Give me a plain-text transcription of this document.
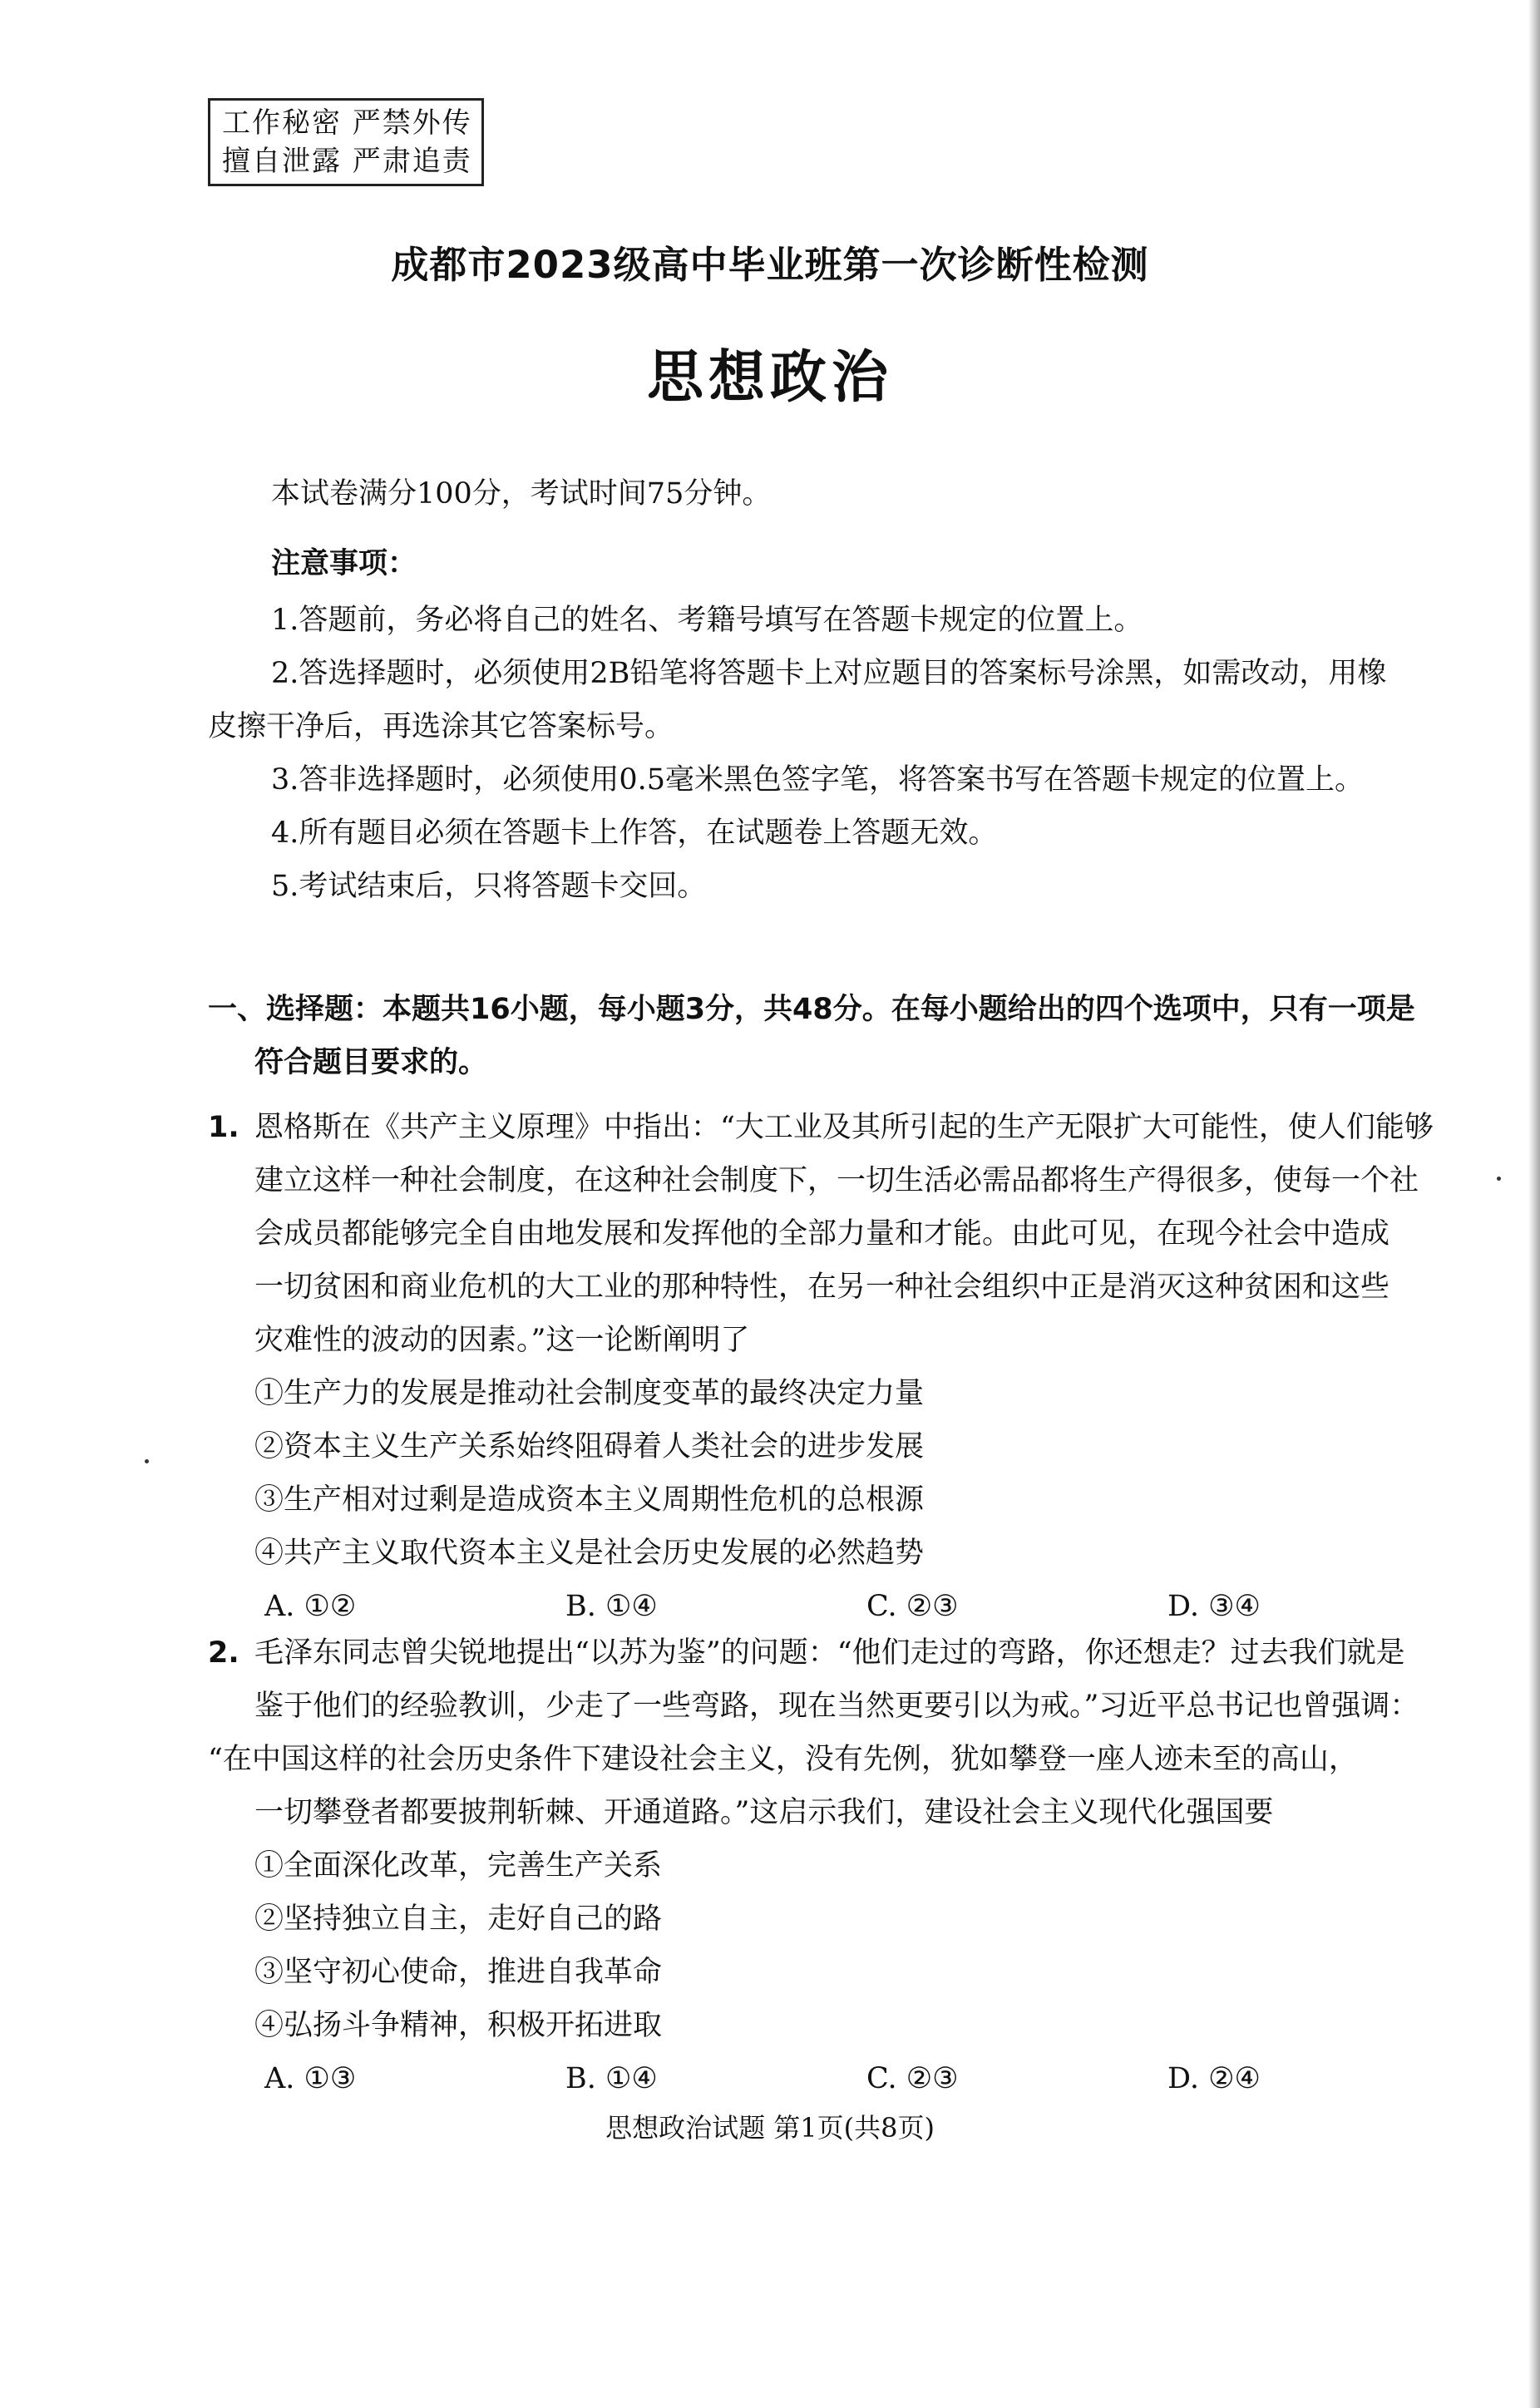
工作秘密 严禁外传
擅自泄露 严肃追责
成都市2023级高中毕业班第一次诊断性检测
思想政治
本试卷满分100分，考试时间75分钟。
注意事项：
1.答题前，务必将自己的姓名、考籍号填写在答题卡规定的位置上。
2.答选择题时，必须使用2B铅笔将答题卡上对应题目的答案标号涂黑，如需改动，用橡
皮擦干净后，再选涂其它答案标号。
3.答非选择题时，必须使用0.5毫米黑色签字笔，将答案书写在答题卡规定的位置上。
4.所有题目必须在答题卡上作答，在试题卷上答题无效。
5.考试结束后，只将答题卡交回。
一、选择题：本题共16小题，每小题3分，共48分。在每小题给出的四个选项中，只有一项是
符合题目要求的。
1. 恩格斯在《共产主义原理》中指出：“大工业及其所引起的生产无限扩大可能性，使人们能够
建立这样一种社会制度，在这种社会制度下，一切生活必需品都将生产得很多，使每一个社
会成员都能够完全自由地发展和发挥他的全部力量和才能。由此可见，在现今社会中造成
一切贫困和商业危机的大工业的那种特性，在另一种社会组织中正是消灭这种贫困和这些
灾难性的波动的因素。”这一论断阐明了
①生产力的发展是推动社会制度变革的最终决定力量
②资本主义生产关系始终阻碍着人类社会的进步发展
③生产相对过剩是造成资本主义周期性危机的总根源
④共产主义取代资本主义是社会历史发展的必然趋势
A. ①②	B. ①④	C. ②③	D. ③④
2. 毛泽东同志曾尖锐地提出“以苏为鉴”的问题：“他们走过的弯路，你还想走？过去我们就是
鉴于他们的经验教训，少走了一些弯路，现在当然更要引以为戒。”习近平总书记也曾强调：
“在中国这样的社会历史条件下建设社会主义，没有先例，犹如攀登一座人迹未至的高山，
一切攀登者都要披荆斩棘、开通道路。”这启示我们，建设社会主义现代化强国要
①全面深化改革，完善生产关系
②坚持独立自主，走好自己的路
③坚守初心使命，推进自我革命
④弘扬斗争精神，积极开拓进取
A. ①③	B. ①④	C. ②③	D. ②④
思想政治试题 第1页(共8页)
